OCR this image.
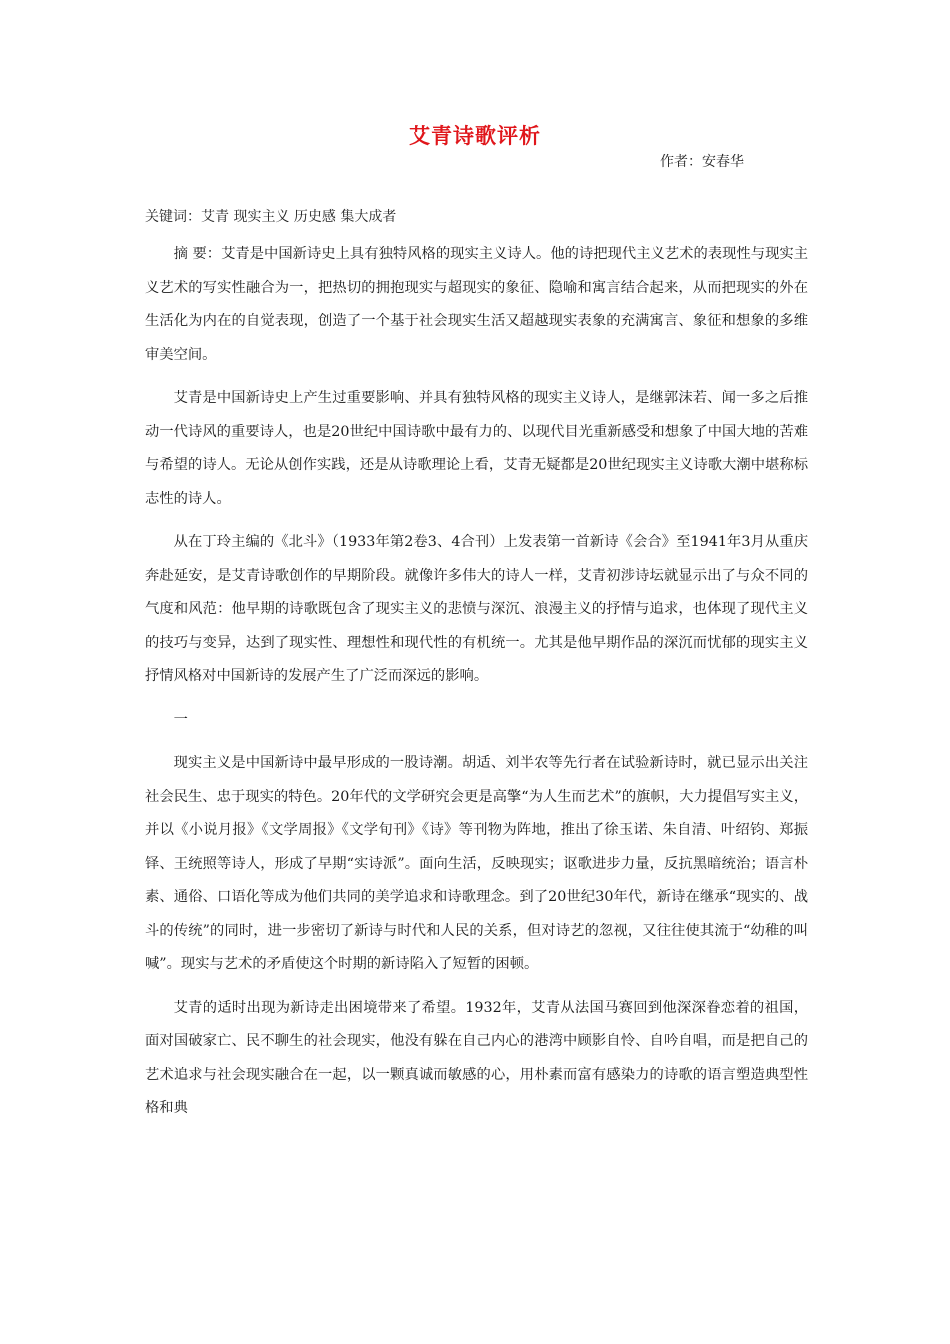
艾青诗歌评析
作者：安春华
关键词：艾青 现实主义 历史感 集大成者

摘 要：艾青是中国新诗史上具有独特风格的现实主义诗人。他的诗把现代主义艺术的表现性与现实主义艺术的写实性融合为一，把热切的拥抱现实与超现实的象征、隐喻和寓言结合起来，从而把现实的外在生活化为内在的自觉表现，创造了一个基于社会现实生活又超越现实表象的充满寓言、象征和想象的多维审美空间。

艾青是中国新诗史上产生过重要影响、并具有独特风格的现实主义诗人，是继郭沫若、闻一多之后推动一代诗风的重要诗人，也是20世纪中国诗歌中最有力的、以现代目光重新感受和想象了中国大地的苦难与希望的诗人。无论从创作实践，还是从诗歌理论上看，艾青无疑都是20世纪现实主义诗歌大潮中堪称标志性的诗人。

从在丁玲主编的《北斗》（1933年第2卷3、4合刊）上发表第一首新诗《会合》至1941年3月从重庆奔赴延安，是艾青诗歌创作的早期阶段。就像许多伟大的诗人一样，艾青初涉诗坛就显示出了与众不同的气度和风范：他早期的诗歌既包含了现实主义的悲愤与深沉、浪漫主义的抒情与追求，也体现了现代主义的技巧与变异，达到了现实性、理想性和现代性的有机统一。尤其是他早期作品的深沉而忧郁的现实主义抒情风格对中国新诗的发展产生了广泛而深远的影响。

一

现实主义是中国新诗中最早形成的一股诗潮。胡适、刘半农等先行者在试验新诗时，就已显示出关注社会民生、忠于现实的特色。20年代的文学研究会更是高擎“为人生而艺术”的旗帜，大力提倡写实主义，并以《小说月报》《文学周报》《文学旬刊》《诗》等刊物为阵地，推出了徐玉诺、朱自清、叶绍钧、郑振铎、王统照等诗人，形成了早期“实诗派”。面向生活，反映现实；讴歌进步力量，反抗黑暗统治；语言朴素、通俗、口语化等成为他们共同的美学追求和诗歌理念。到了20世纪30年代，新诗在继承“现实的、战斗的传统”的同时，进一步密切了新诗与时代和人民的关系，但对诗艺的忽视，又往往使其流于“幼稚的叫喊”。现实与艺术的矛盾使这个时期的新诗陷入了短暂的困顿。

艾青的适时出现为新诗走出困境带来了希望。1932年，艾青从法国马赛回到他深深眷恋着的祖国，面对国破家亡、民不聊生的社会现实，他没有躲在自己内心的港湾中顾影自怜、自吟自唱，而是把自己的艺术追求与社会现实融合在一起，以一颗真诚而敏感的心，用朴素而富有感染力的诗歌的语言塑造典型性格和典
